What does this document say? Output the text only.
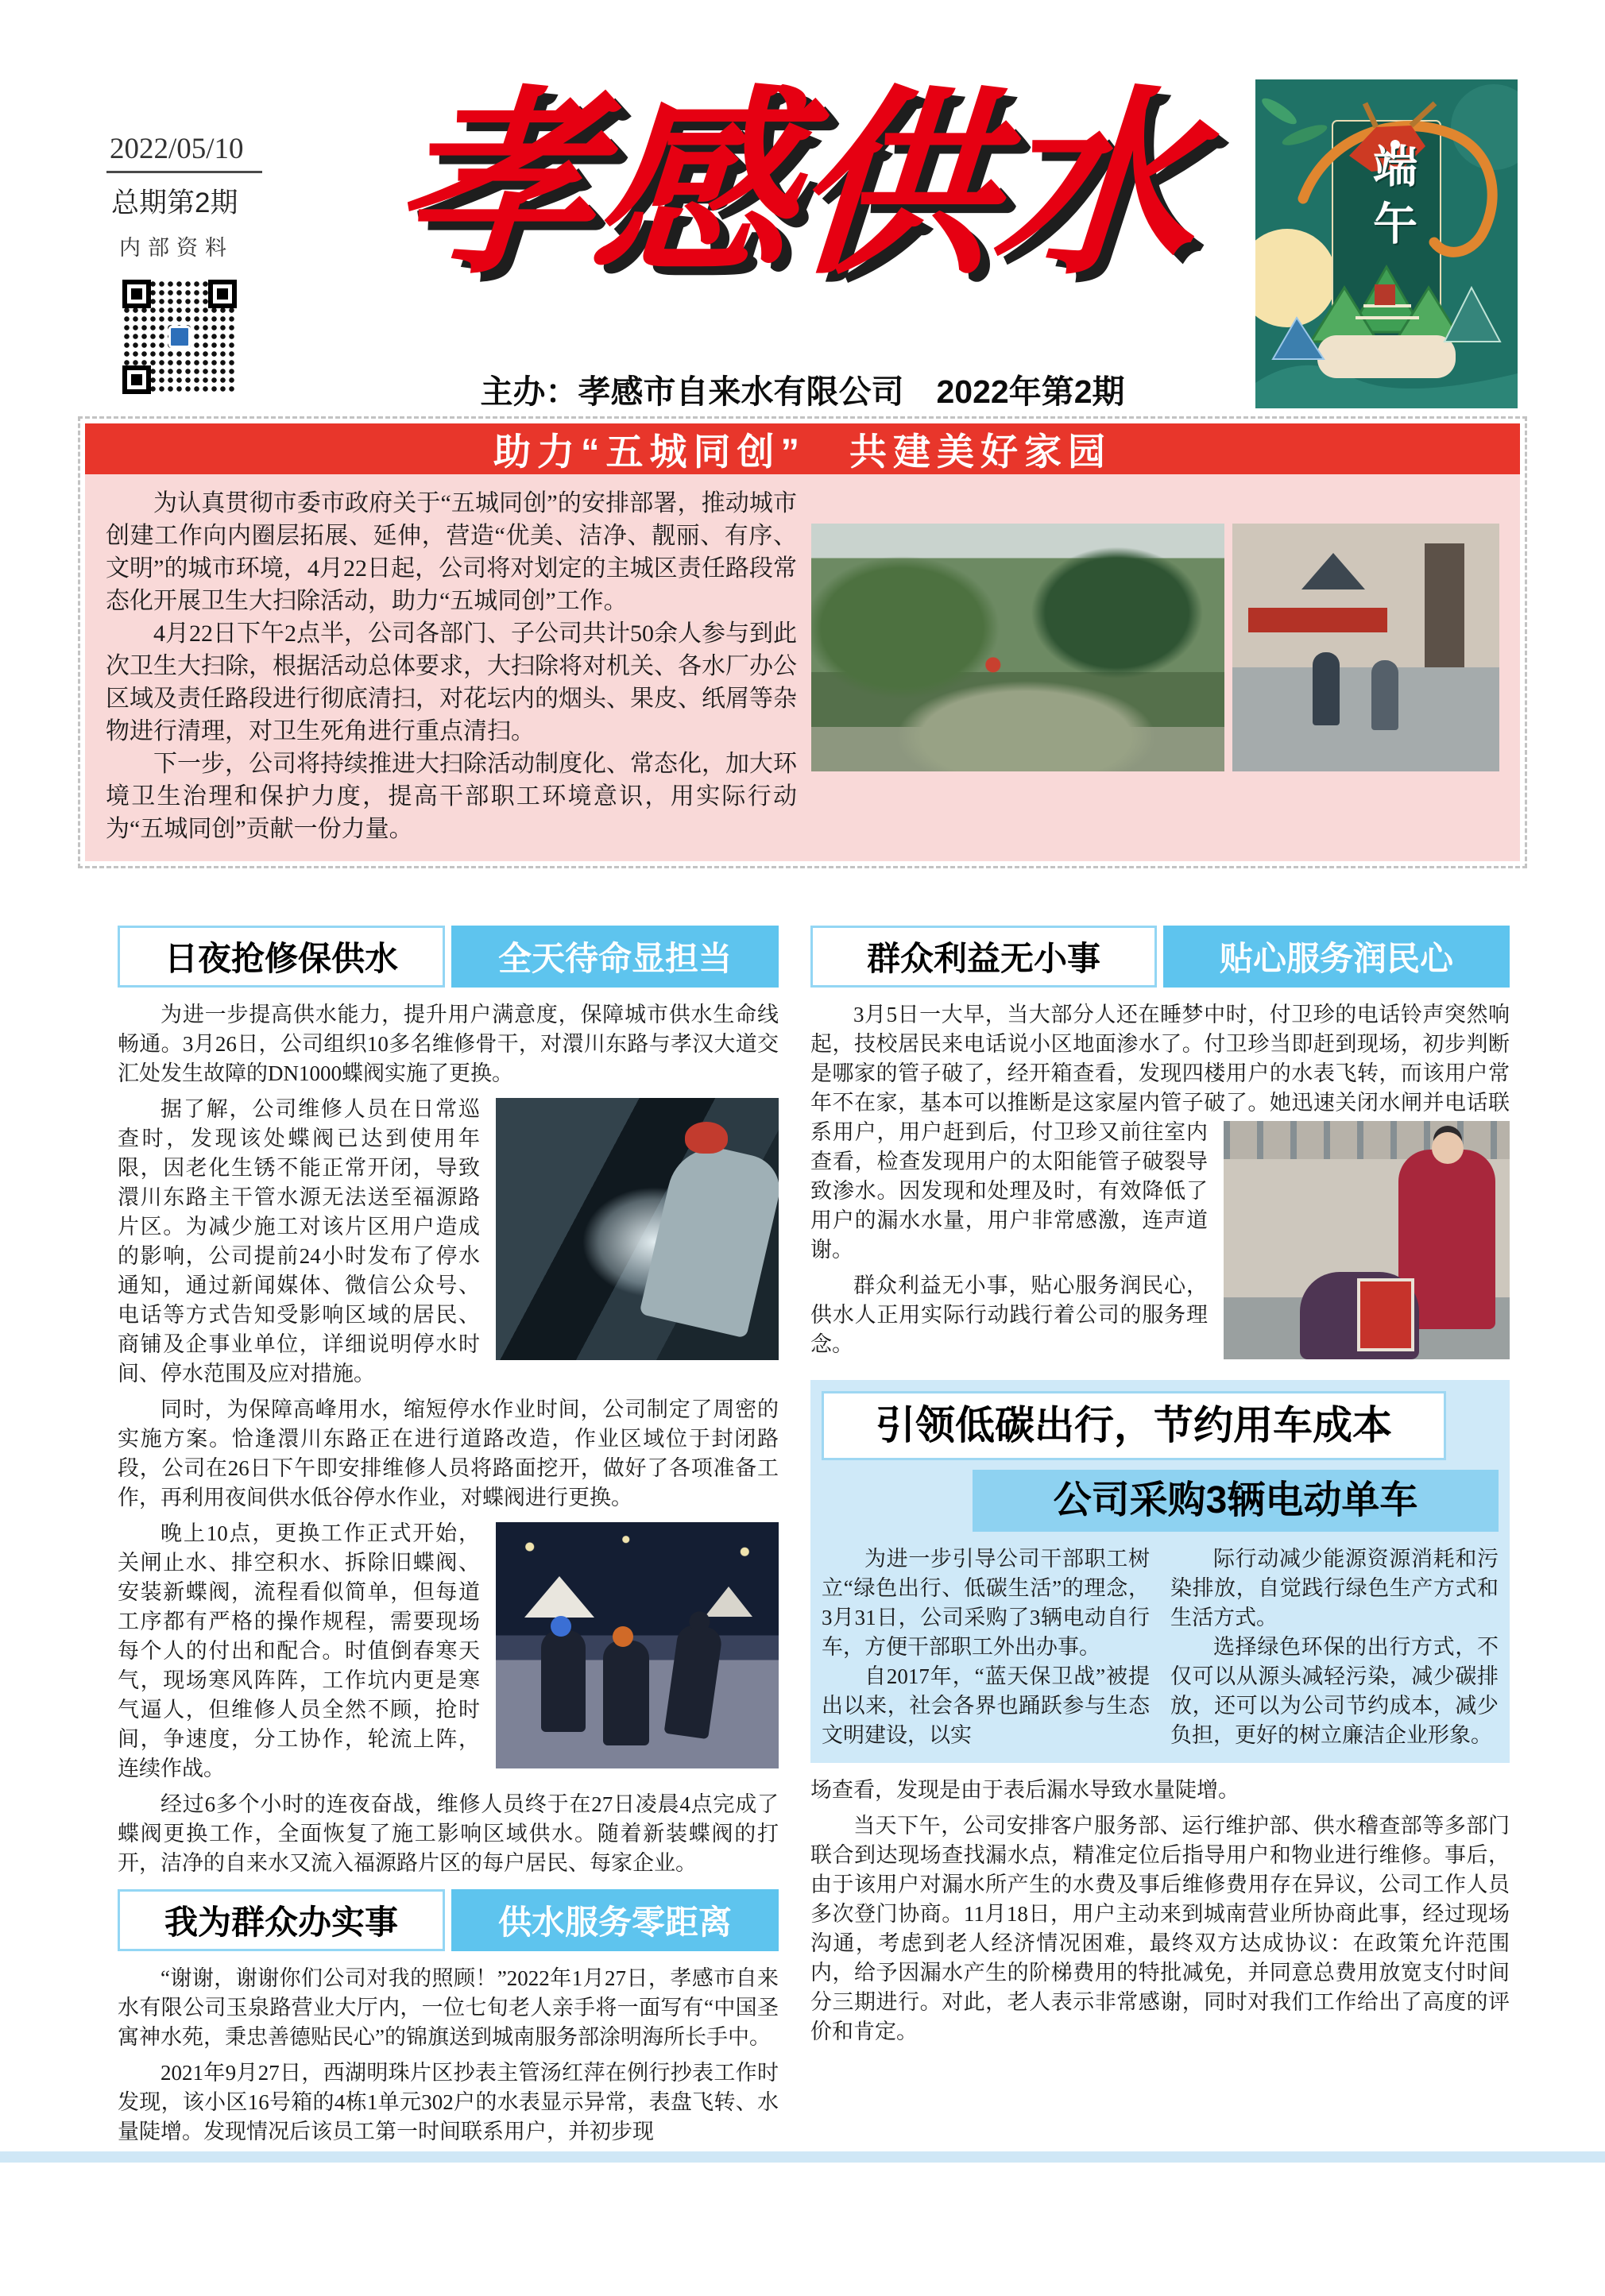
2022/05/10
总期第2期
内部资料 孝感供水
主办：孝感市自来水有限公司　2022年第2期
端午
助力“五城同创”　共建美好家园

为认真贯彻市委市政府关于“五城同创”的安排部署，推动城市创建工作向内圈层拓展、延伸，营造“优美、洁净、靓丽、有序、文明”的城市环境，4月22日起，公司将对划定的主城区责任路段常态化开展卫生大扫除活动，助力“五城同创”工作。

4月22日下午2点半，公司各部门、子公司共计50余人参与到此次卫生大扫除，根据活动总体要求，大扫除将对机关、各水厂办公区域及责任路段进行彻底清扫，对花坛内的烟头、果皮、纸屑等杂物进行清理，对卫生死角进行重点清扫。

下一步，公司将持续推进大扫除活动制度化、常态化，加大环境卫生治理和保护力度，提高干部职工环境意识，用实际行动为“五城同创”贡献一份力量。

日夜抢修保供水	全天待命显担当

为进一步提高供水能力，提升用户满意度，保障城市供水生命线畅通。3月26日，公司组织10多名维修骨干，对澴川东路与孝汉大道交汇处发生故障的DN1000蝶阀实施了更换。

据了解，公司维修人员在日常巡查时，发现该处蝶阀已达到使用年限，因老化生锈不能正常开闭，导致澴川东路主干管水源无法送至福源路片区。为减少施工对该片区用户造成的影响，公司提前24小时发布了停水通知，通过新闻媒体、微信公众号、电话等方式告知受影响区域的居民、商铺及企事业单位，详细说明停水时间、停水范围及应对措施。

同时，为保障高峰用水，缩短停水作业时间，公司制定了周密的实施方案。恰逢澴川东路正在进行道路改造，作业区域位于封闭路段，公司在26日下午即安排维修人员将路面挖开，做好了各项准备工作，再利用夜间供水低谷停水作业，对蝶阀进行更换。

晚上10点，更换工作正式开始，关闸止水、排空积水、拆除旧蝶阀、安装新蝶阀，流程看似简单，但每道工序都有严格的操作规程，需要现场每个人的付出和配合。时值倒春寒天气，现场寒风阵阵，工作坑内更是寒气逼人，但维修人员全然不顾，抢时间，争速度，分工协作，轮流上阵，连续作战。

经过6多个小时的连夜奋战，维修人员终于在27日凌晨4点完成了蝶阀更换工作，全面恢复了施工影响区域供水。随着新装蝶阀的打开，洁净的自来水又流入福源路片区的每户居民、每家企业。

我为群众办实事	供水服务零距离

“谢谢，谢谢你们公司对我的照顾！”2022年1月27日，孝感市自来水有限公司玉泉路营业大厅内，一位七旬老人亲手将一面写有“中国圣寓神水苑，秉忠善德贴民心”的锦旗送到城南服务部涂明海所长手中。

2021年9月27日，西湖明珠片区抄表主管汤红萍在例行抄表工作时发现，该小区16号箱的4栋1单元302户的水表显示异常，表盘飞转、水量陡增。发现情况后该员工第一时间联系用户，并初步现

群众利益无小事	贴心服务润民心

3月5日一大早，当大部分人还在睡梦中时，付卫珍的电话铃声突然响起，技校居民来电话说小区地面渗水了。付卫珍当即赶到现场，初步判断是哪家的管子破了，经开箱查看，发现四楼用户的水表飞转，而该用户常年不在家，基本可以推断是这家屋内管子破
了。她迅速关闭水闸并电话联系用户，用户赶到后，付卫珍又前往室内查看，检查发现用户的太阳能管子破裂导致渗水。因发现和处理及时，有效降低了用户的漏水水量，用户非常感激，连声道谢。

群众利益无小事，贴心服务润民心，供水人正用实际行动践行着公司的服务理念。

引领低碳出行，节约用车成本
公司采购3辆电动单车

为进一步引导公司干部职工树立“绿色出行、低碳生活”的理念，3月31日，公司采购了3辆电动自行车，方便干部职工外出办事。

自2017年，“蓝天保卫战”被提出以来，社会各界也踊跃参与生态文明建设，以实

际行动减少能源资源消耗和污染排放，自觉践行绿色生产方式和生活方式。

选择绿色环保的出行方式，不仅可以从源头减轻污染，减少碳排放，还可以为公司节约成本，减少负担，更好的树立廉洁企业形象。

场查看，发现是由于表后漏水导致水量陡增。

当天下午，公司安排客户服务部、运行维护部、供水稽查部等多部门联合到达现场查找漏水点，精准定位后指导用户和物业进行维修。事后，由于该用户对漏水所产生的水费及事后维修费用存在异议，公司工作人员多次登门协商。11月18日，用户主动来到城南营业所协商此事，经过现场沟通，考虑到老人经济情况困难，最终双方达成协议：在政策允许范围内，给予因漏水产生的阶梯费用的特批减免，并同意总费用放宽支付时间分三期进行。对此，老人表示非常感谢，同时对我们工作给出了高度的评价和肯定。
